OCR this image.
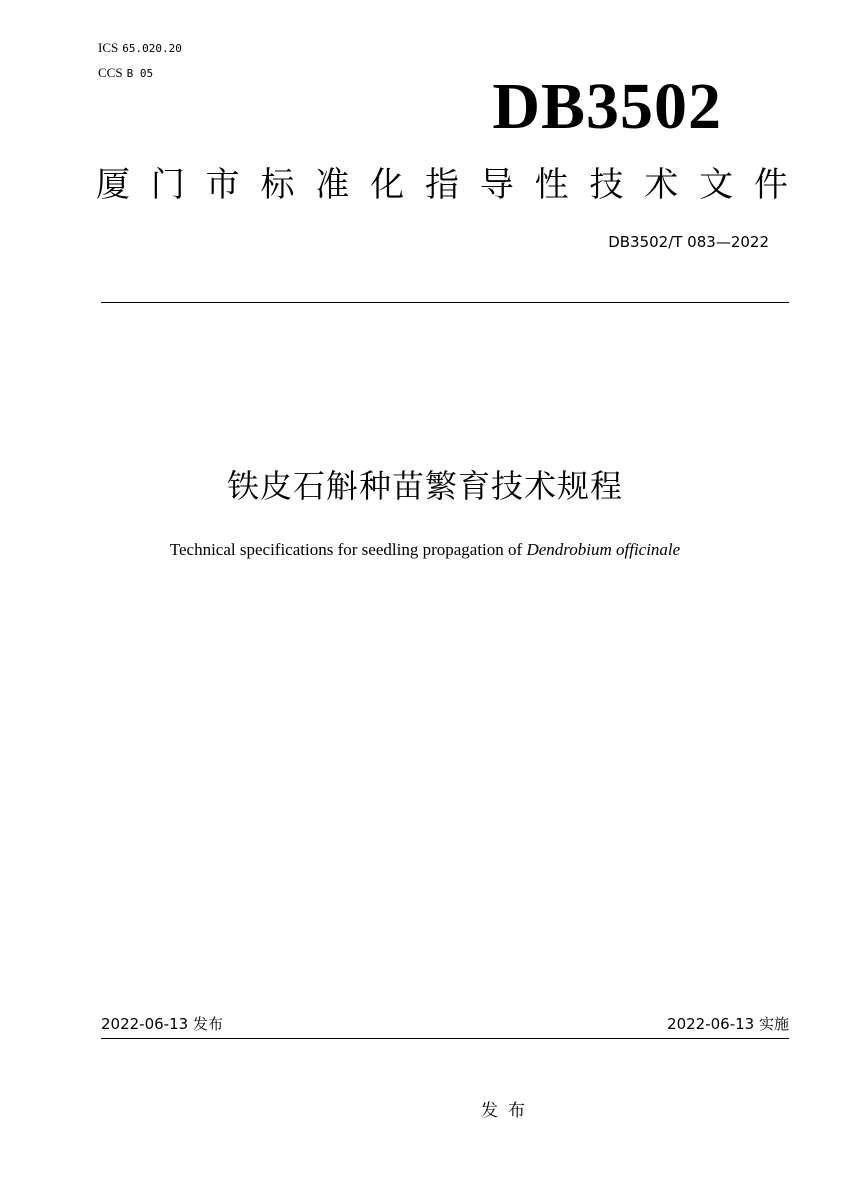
ICS 65.020.20
CCS B 05	DB3502
厦 门 市 标 准 化 指 导 性 技 术 文 件
DB3502/T 083—2022
铁皮石斛种苗繁育技术规程
Technical specifications for seedling propagation of Dendrobium officinale
2022-06-13 发布	2022-06-13 实施
发布
